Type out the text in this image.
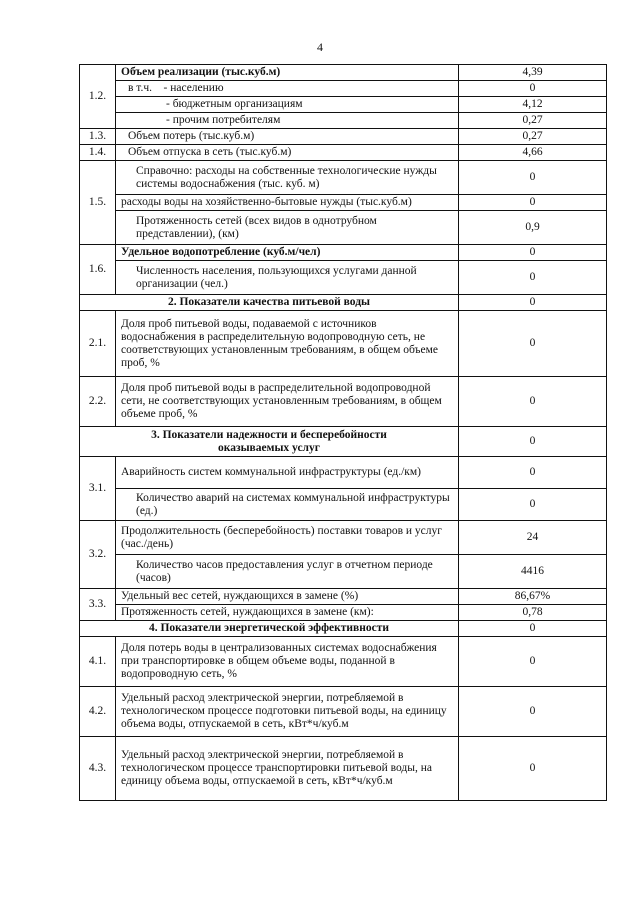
4
1.2.	Объем реализации (тыс.куб.м)	4,39
	в т.ч.    - населению	0
	- бюджетным организациям	4,12
	- прочим потребителям	0,27
1.3.	Объем потерь (тыс.куб.м)	0,27
1.4.	Объем отпуска в сеть (тыс.куб.м)	4,66
1.5.	Справочно: расходы на собственные технологические нужды системы водоснабжения (тыс. куб. м)	0
	расходы воды на хозяйственно-бытовые нужды (тыс.куб.м)	0
	Протяженность сетей (всех видов в однотрубном представлении), (км)	0,9
1.6.	Удельное водопотребление (куб.м/чел)	0
	Численность населения, пользующихся услугами данной организации (чел.)	0
2. Показатели качества питьевой воды		0
2.1.	Доля проб питьевой воды, подаваемой с источников водоснабжения в распределительную водопроводную сеть, не соответствующих установленным требованиям, в общем объеме проб, %	0
2.2.	Доля проб питьевой воды в распределительной водопроводной сети, не соответствующих установленным требованиям, в общем объеме проб, %	0
3. Показатели надежности и бесперебойности оказываемых услуг		0
3.1.	Аварийность систем коммунальной инфраструктуры (ед./км)	0
	Количество аварий на системах коммунальной инфраструктуры (ед.)	0
3.2.	Продолжительность (бесперебойность) поставки товаров и услуг (час./день)	24
	Количество часов предоставления услуг в отчетном периоде (часов)	4416
3.3.	Удельный вес сетей, нуждающихся в замене (%)	86,67%
	Протяженность сетей, нуждающихся в замене (км):	0,78
4. Показатели энергетической эффективности		0
4.1.	Доля потерь воды в централизованных системах водоснабжения при транспортировке в общем объеме воды, поданной в водопроводную сеть, %	0
4.2.	Удельный расход электрической энергии, потребляемой в технологическом процессе подготовки питьевой воды, на единицу объема воды, отпускаемой в сеть, кВт*ч/куб.м	0
4.3.	Удельный расход электрической энергии, потребляемой в технологическом процессе транспортировки питьевой воды, на единицу объема воды, отпускаемой в сеть, кВт*ч/куб.м	0
